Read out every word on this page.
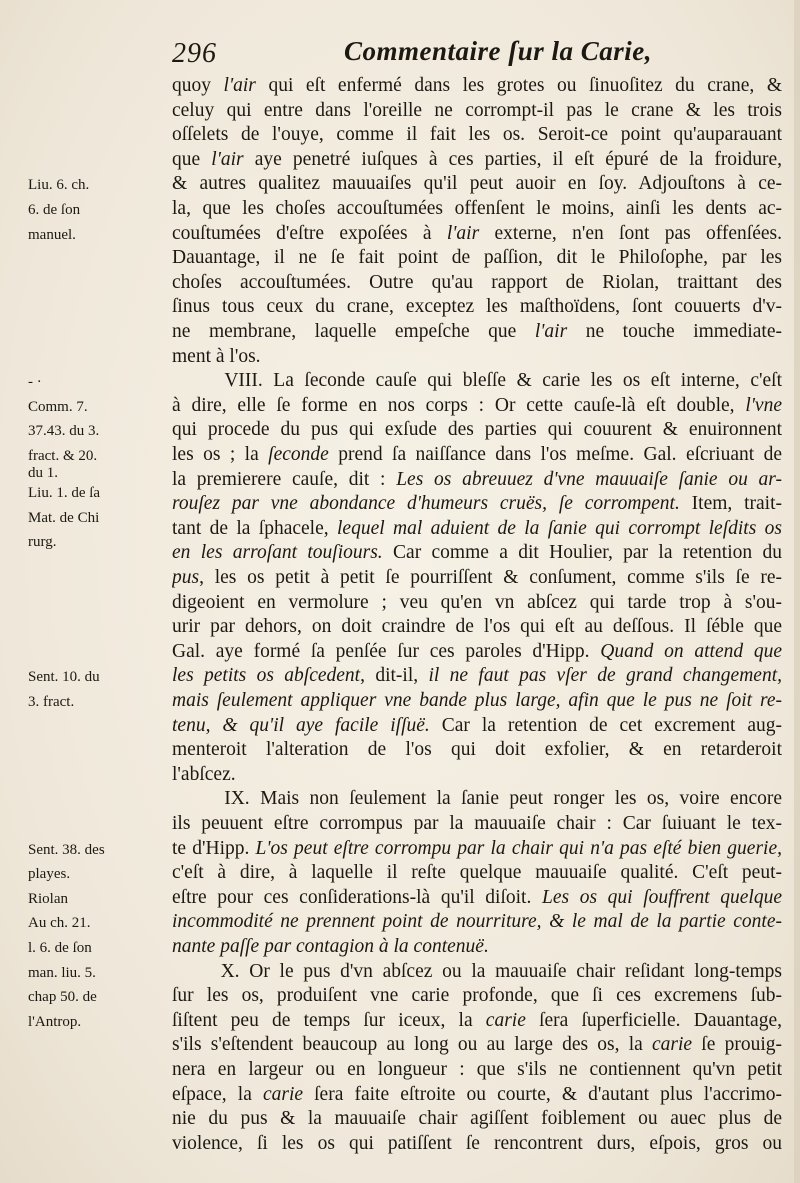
296	Commentaire ſur la Carie,
quoy l'air qui eſt enfermé dans les grotes ou ſinuoſitez du crane, &
celuy qui entre dans l'oreille ne corrompt-il pas le crane & les trois
oſſelets de l'ouye, comme il fait les os. Seroit-ce point qu'auparauant
que l'air aye penetré iuſques à ces parties, il eſt épuré de la froidure,
& autres qualitez mauuaiſes qu'il peut auoir en ſoy. Adjouſtons à ce-
la, que les choſes accouſtumées offenſent le moins, ainſi les dents ac-
couſtumées d'eſtre expoſées à l'air externe, n'en ſont pas offenſées.
Dauantage, il ne ſe fait point de paſſion, dit le Philoſophe, par les
choſes accouſtumées. Outre qu'au rapport de Riolan, traittant des
ſinus tous ceux du crane, exceptez les maſthoïdens, ſont couuerts d'v-
ne membrane, laquelle empeſche que l'air ne touche immediate-
ment à l'os.
VIII. La ſeconde cauſe qui bleſſe & carie les os eſt interne, c'eſt
à dire, elle ſe forme en nos corps : Or cette cauſe-là eſt double, l'vne
qui procede du pus qui exſude des parties qui couurent & enuironnent
les os ; la ſeconde prend ſa naiſſance dans l'os meſme. Gal. eſcriuant de
la premierere cauſe, dit : Les os abreuuez d'vne mauuaiſe ſanie ou ar-
rouſez par vne abondance d'humeurs cruës, ſe corrompent. Item, trait-
tant de la ſphacele, lequel mal aduient de la ſanie qui corrompt leſdits os
en les arroſant touſiours. Car comme a dit Houlier, par la retention du
pus, les os petit à petit ſe pourriſſent & conſument, comme s'ils ſe re-
digeoient en vermolure ; veu qu'en vn abſcez qui tarde trop à s'ou-
urir par dehors, on doit craindre de l'os qui eſt au deſſous. Il ſéble que
Gal. aye formé ſa penſée ſur ces paroles d'Hipp. Quand on attend que
les petits os abſcedent, dit-il, il ne faut pas vſer de grand changement,
mais ſeulement appliquer vne bande plus large, afin que le pus ne ſoit re-
tenu, & qu'il aye facile iſſuë. Car la retention de cet excrement aug-
menteroit l'alteration de l'os qui doit exfolier, & en retarderoit
l'abſcez.
IX. Mais non ſeulement la ſanie peut ronger les os, voire encore
ils peuuent eſtre corrompus par la mauuaiſe chair : Car ſuiuant le tex-
te d'Hipp. L'os peut eſtre corrompu par la chair qui n'a pas eſté bien guerie,
c'eſt à dire, à laquelle il reſte quelque mauuaiſe qualité. C'eſt peut-
eſtre pour ces conſiderations-là qu'il diſoit. Les os qui ſouffrent quelque
incommodité ne prennent point de nourriture, & le mal de la partie conte-
nante paſſe par contagion à la contenuë.
X. Or le pus d'vn abſcez ou la mauuaiſe chair reſidant long-temps
ſur les os, produiſent vne carie profonde, que ſi ces excremens ſub-
ſiſtent peu de temps ſur iceux, la carie ſera ſuperficielle. Dauantage,
s'ils s'eſtendent beaucoup au long ou au large des os, la carie ſe prouig-
nera en largeur ou en longueur : que s'ils ne contiennent qu'vn petit
eſpace, la carie ſera faite eſtroite ou courte, & d'autant plus l'accrimo-
nie du pus & la mauuaiſe chair agiſſent foiblement ou auec plus de
violence, ſi les os qui patiſſent ſe rencontrent durs, eſpois, gros ou
Liu. 6. ch.
6. de ſon
manuel.
- ·
Comm. 7.
37.43. du 3.
fract. & 20.
du 1.
Liu. 1. de ſa
Mat. de Chi
rurg.
Sent. 10. du
3. fract.
Sent. 38. des
playes.
Riolan
Au ch. 21.
l. 6. de ſon
man. liu. 5.
chap 50. de
l'Antrop.
